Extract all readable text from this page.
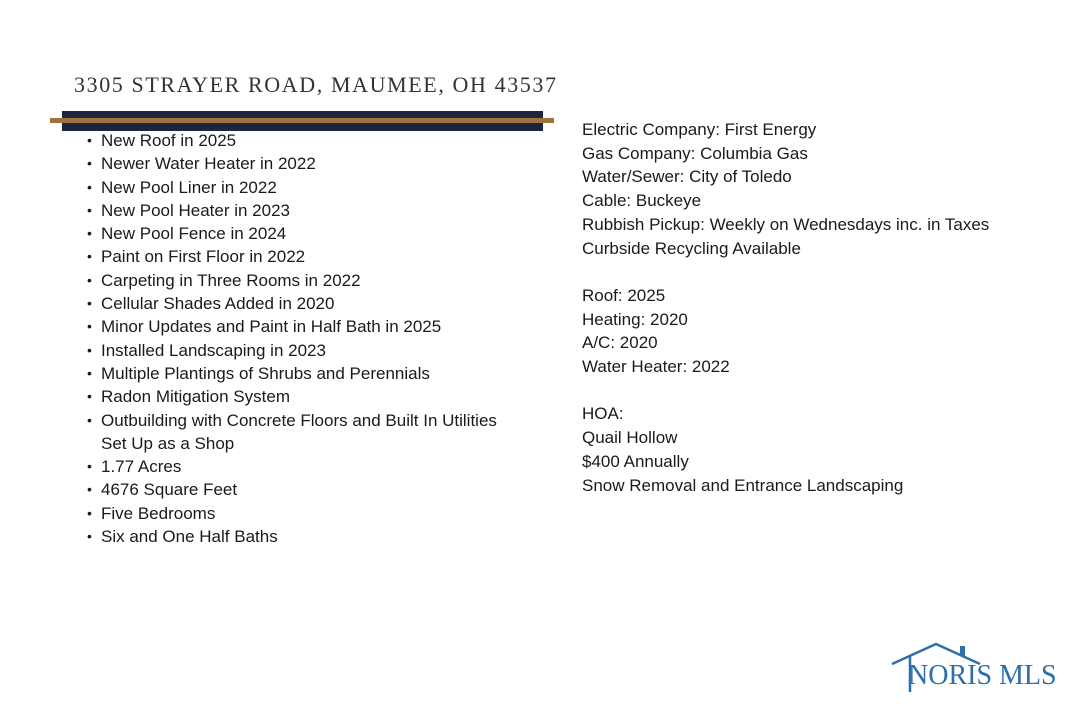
3305 STRAYER ROAD, MAUMEE, OH 43537
• New Roof in 2025
• Newer Water Heater in 2022
• New Pool Liner in 2022
• New Pool Heater in 2023
• New Pool Fence in 2024
• Paint on First Floor in 2022
• Carpeting in Three Rooms in 2022
• Cellular Shades Added in 2020
• Minor Updates and Paint in Half Bath in 2025
• Installed Landscaping in 2023
• Multiple Plantings of Shrubs and Perennials
• Radon Mitigation System
• Outbuilding with Concrete Floors and Built In Utilities Set Up as a Shop
• 1.77 Acres
• 4676 Square Feet
• Five Bedrooms
• Six and One Half Baths
Electric Company: First Energy
Gas Company: Columbia Gas
Water/Sewer: City of Toledo
Cable: Buckeye
Rubbish Pickup: Weekly on Wednesdays inc. in Taxes
Curbside Recycling Available
Roof: 2025
Heating: 2020
A/C: 2020
Water Heater: 2022
HOA:
Quail Hollow
$400 Annually
Snow Removal and Entrance Landscaping
NORIS MLS
